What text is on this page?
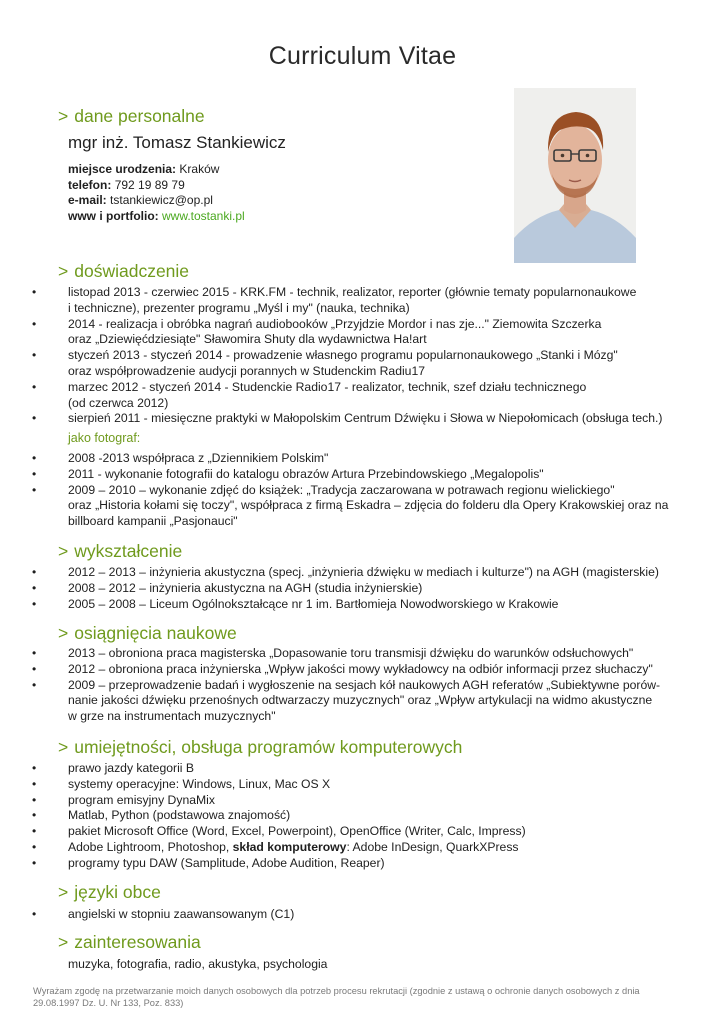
Curriculum Vitae
> dane personalne
mgr inż. Tomasz Stankiewicz
miejsce urodzenia: Kraków
telefon: 792 19 89 79
e-mail: tstankiewicz@op.pl
www i portfolio: www.tostanki.pl
> doświadczenie
•	listopad 2013 - czerwiec 2015 - KRK.FM - technik, realizator, reporter (głównie tematy popularnonaukowe
i techniczne), prezenter programu „Myśl i my" (nauka, technika)
•	2014 - realizacja i obróbka nagrań audiobooków „Przyjdzie Mordor i nas zje..." Ziemowita Szczerka
oraz „Dziewięćdziesiąte" Sławomira Shuty dla wydawnictwa Ha!art
•	styczeń 2013 - styczeń 2014 - prowadzenie własnego programu popularnonaukowego „Stanki i Mózg"
oraz współprowadzenie audycji porannych w Studenckim Radiu17
•	marzec 2012 - styczeń 2014 - Studenckie Radio17 - realizator, technik, szef działu technicznego
(od czerwca 2012)
•	sierpień 2011 - miesięczne praktyki w Małopolskim Centrum Dźwięku i Słowa w Niepołomicach (obsługa tech.)
jako fotograf:
•	2008 -2013 współpraca z „Dziennikiem Polskim"
•	2011 - wykonanie fotografii do katalogu obrazów Artura Przebindowskiego „Megalopolis"
•	2009 – 2010 – wykonanie zdjęć do książek: „Tradycja zaczarowana w potrawach regionu wielickiego"
oraz „Historia kołami się toczy", współpraca z firmą Eskadra – zdjęcia do folderu dla Opery Krakowskiej oraz na
billboard kampanii „Pasjonauci"
> wykształcenie
•	2012 – 2013 – inżynieria akustyczna (specj. „inżynieria dźwięku w mediach i kulturze") na AGH (magisterskie)
•	2008 – 2012 – inżynieria akustyczna na AGH (studia inżynierskie)
•	2005 – 2008 – Liceum Ogólnokształcące nr 1 im. Bartłomieja Nowodworskiego w Krakowie
> osiągnięcia naukowe
•	2013 – obroniona praca magisterska „Dopasowanie toru transmisji dźwięku do warunków odsłuchowych"
•	2012 – obroniona praca inżynierska „Wpływ jakości mowy wykładowcy na odbiór informacji przez słuchaczy"
•	2009 – przeprowadzenie badań i wygłoszenie na sesjach kół naukowych AGH referatów „Subiektywne porów-
nanie jakości dźwięku przenośnych odtwarzaczy muzycznych" oraz „Wpływ artykulacji na widmo akustyczne
w grze na instrumentach muzycznych"
> umiejętności, obsługa programów komputerowych
•	prawo jazdy kategorii B
•	systemy operacyjne: Windows, Linux, Mac OS X
•	program emisyjny DynaMix
•	Matlab, Python (podstawowa znajomość)
•	pakiet Microsoft Office (Word, Excel, Powerpoint), OpenOffice (Writer, Calc, Impress)
•	Adobe Lightroom, Photoshop, skład komputerowy: Adobe InDesign, QuarkXPress
•	programy typu DAW (Samplitude, Adobe Audition, Reaper)
> języki obce
•	angielski w stopniu zaawansowanym (C1)
> zainteresowania
muzyka, fotografia, radio, akustyka, psychologia
Wyrażam zgodę na przetwarzanie moich danych osobowych dla potrzeb procesu rekrutacji (zgodnie z ustawą o ochronie danych osobowych z dnia 29.08.1997 Dz. U. Nr 133, Poz. 833)
